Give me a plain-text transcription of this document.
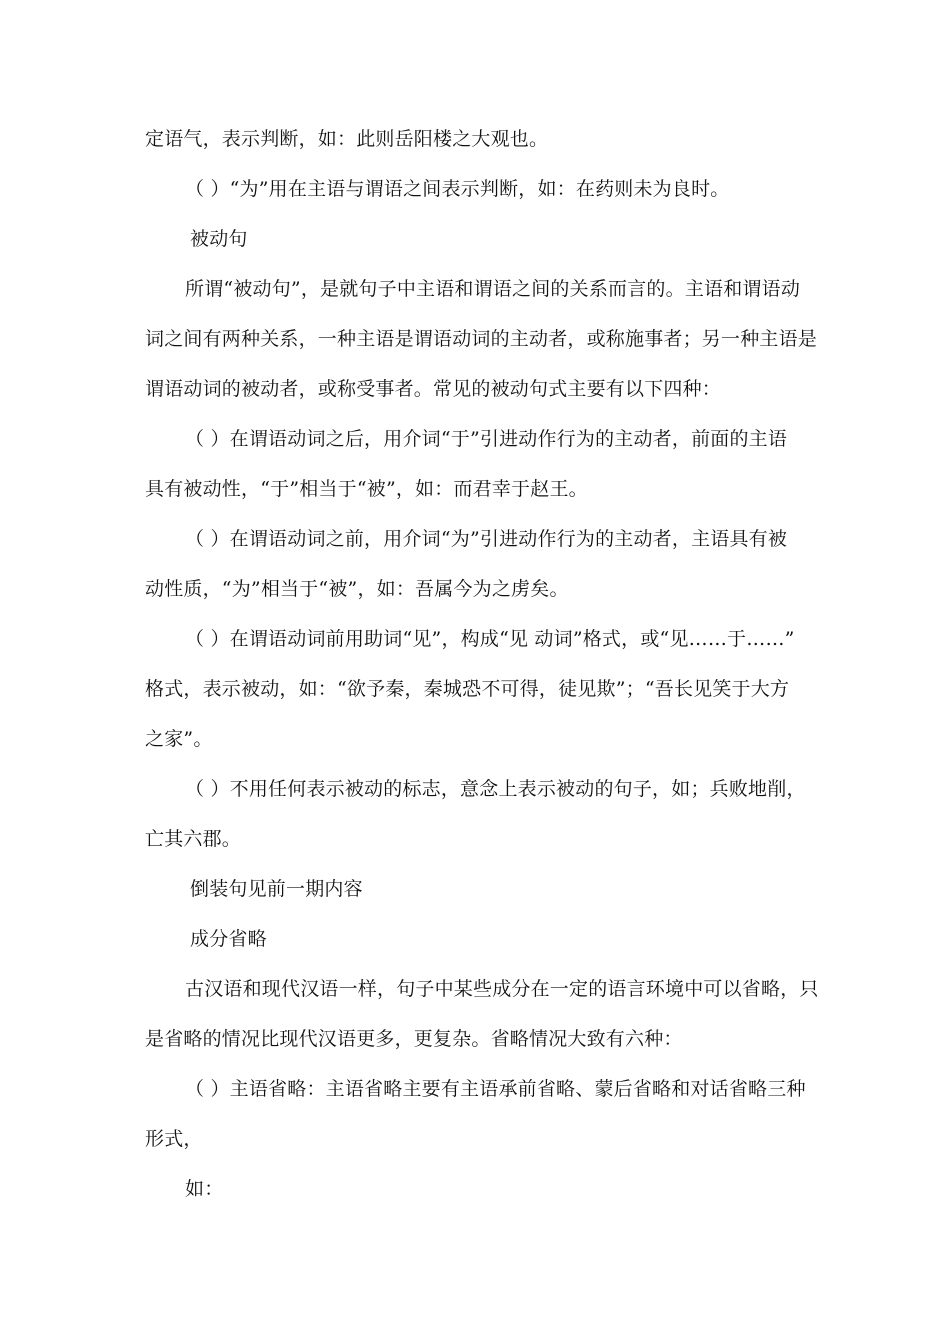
定语气，表示判断，如：此则岳阳楼之大观也。
（ ）“为”用在主语与谓语之间表示判断，如：在药则未为良时。
被动句
所谓“被动句”，是就句子中主语和谓语之间的关系而言的。主语和谓语动
词之间有两种关系，一种主语是谓语动词的主动者，或称施事者；另一种主语是
谓语动词的被动者，或称受事者。常见的被动句式主要有以下四种：
（ ）在谓语动词之后，用介词“于”引进动作行为的主动者，前面的主语
具有被动性，“于”相当于“被”，如：而君幸于赵王。
（ ）在谓语动词之前，用介词“为”引进动作行为的主动者，主语具有被
动性质，“为”相当于“被”，如：吾属今为之虏矣。
（ ）在谓语动词前用助词“见”，构成“见 动词”格式，或“见……于……”
格式，表示被动，如：“欲予秦，秦城恐不可得，徒见欺”；“吾长见笑于大方
之家”。
（ ）不用任何表示被动的标志，意念上表示被动的句子，如；兵败地削，
亡其六郡。
倒装句见前一期内容
成分省略
古汉语和现代汉语一样，句子中某些成分在一定的语言环境中可以省略，只
是省略的情况比现代汉语更多，更复杂。省略情况大致有六种：
（ ）主语省略：主语省略主要有主语承前省略、蒙后省略和对话省略三种
形式，
如：
